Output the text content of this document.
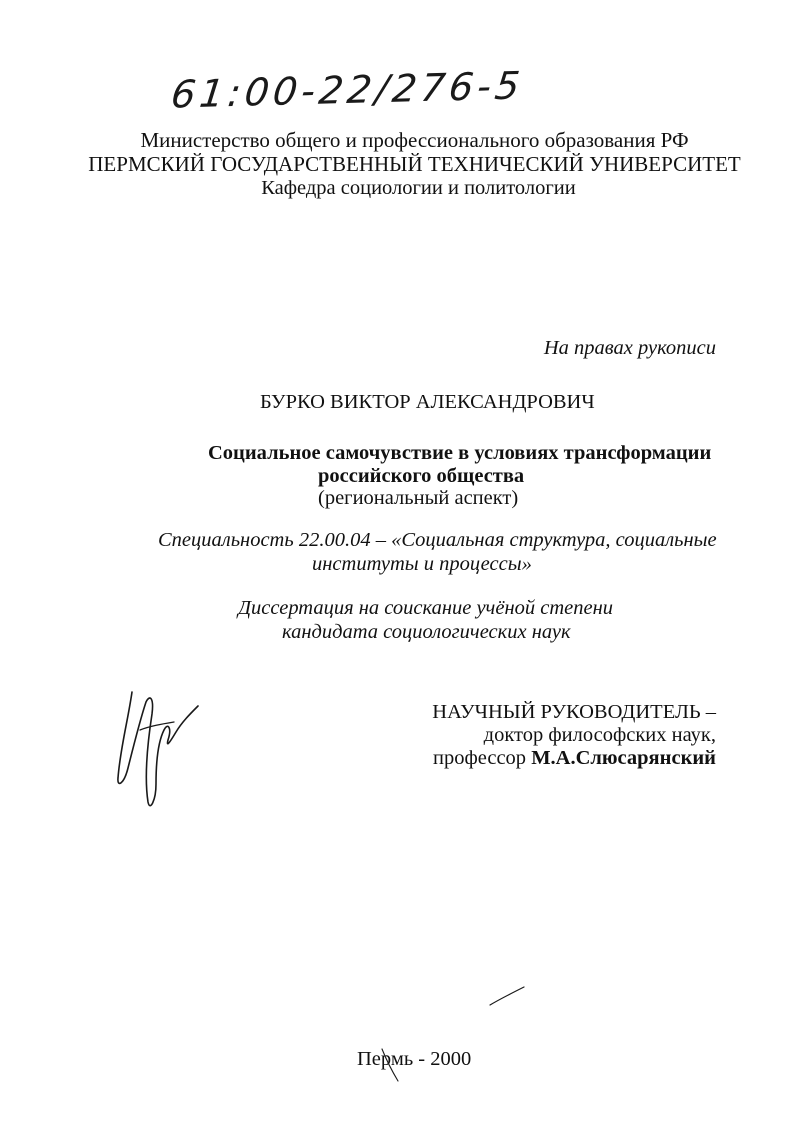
61:00-22/276-5
Министерство общего и профессионального образования РФ
ПЕРМСКИЙ ГОСУДАРСТВЕННЫЙ ТЕХНИЧЕСКИЙ УНИВЕРСИТЕТ
Кафедра социологии и политологии
На правах рукописи
БУРКО ВИКТОР АЛЕКСАНДРОВИЧ
Социальное самочувствие в условиях трансформации
российского общества
(региональный аспект)
Специальность 22.00.04 – «Социальная структура, социальные
институты и процессы»
Диссертация на соискание учёной степени
кандидата социологических наук
НАУЧНЫЙ РУКОВОДИТЕЛЬ –
доктор философских наук,
профессор М.А.Слюсарянский
Пермь - 2000
